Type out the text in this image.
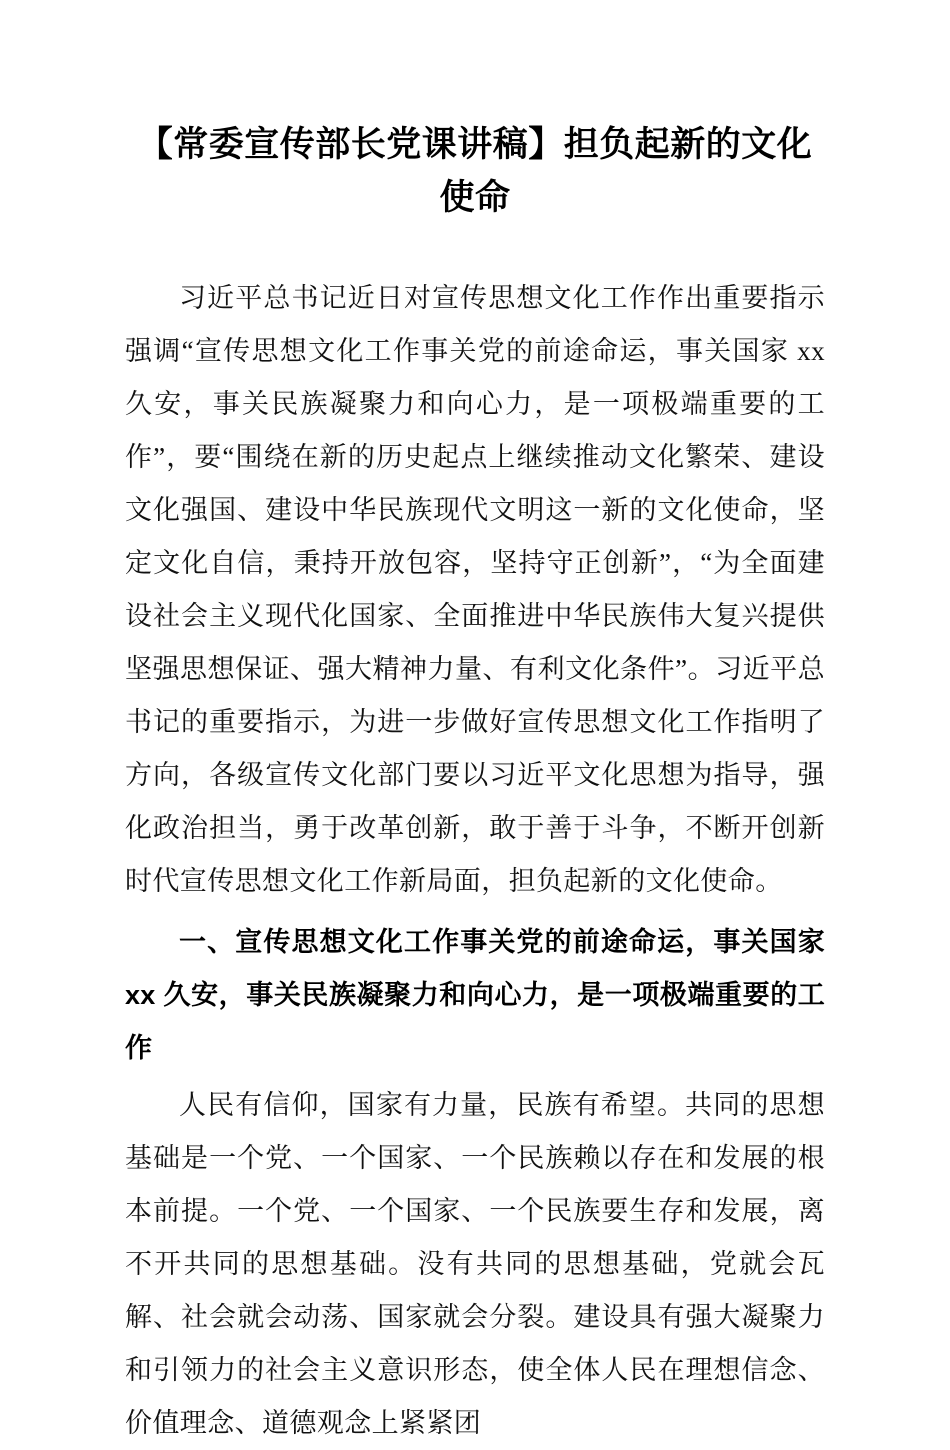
【常委宣传部长党课讲稿】担负起新的文化使命

习近平总书记近日对宣传思想文化工作作出重要指示强调“宣传思想文化工作事关党的前途命运，事关国家 xx 久安，事关民族凝聚力和向心力，是一项极端重要的工作”，要“围绕在新的历史起点上继续推动文化繁荣、建设文化强国、建设中华民族现代文明这一新的文化使命，坚定文化自信，秉持开放包容，坚持守正创新”，“为全面建设社会主义现代化国家、全面推进中华民族伟大复兴提供坚强思想保证、强大精神力量、有利文化条件”。习近平总书记的重要指示，为进一步做好宣传思想文化工作指明了方向，各级宣传文化部门要以习近平文化思想为指导，强化政治担当，勇于改革创新，敢于善于斗争，不断开创新时代宣传思想文化工作新局面，担负起新的文化使命。

一、宣传思想文化工作事关党的前途命运，事关国家 xx 久安，事关民族凝聚力和向心力，是一项极端重要的工作

人民有信仰，国家有力量，民族有希望。共同的思想基础是一个党、一个国家、一个民族赖以存在和发展的根本前提。一个党、一个国家、一个民族要生存和发展，离不开共同的思想基础。没有共同的思想基础，党就会瓦解、社会就会动荡、国家就会分裂。建设具有强大凝聚力和引领力的社会主义意识形态，使全体人民在理想信念、价值理念、道德观念上紧紧团
